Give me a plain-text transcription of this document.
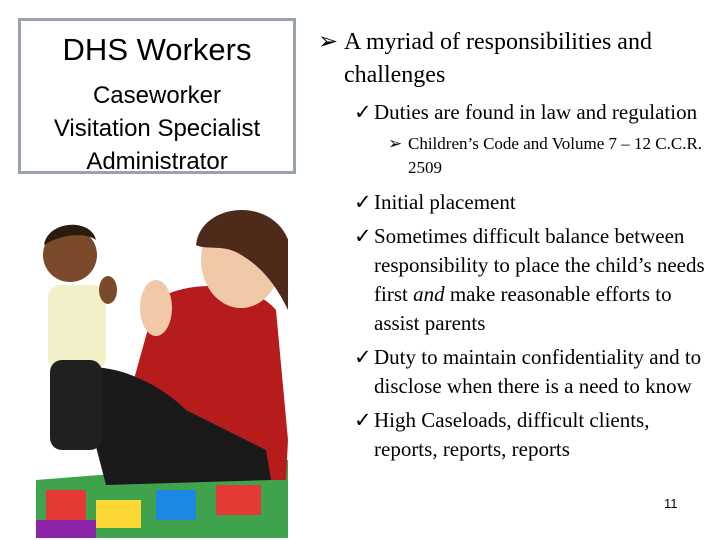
DHS Workers
Caseworker
Visitation Specialist
Administrator
➢ A myriad of responsibilities and challenges
✓ Duties are found in law and regulation
➢ Children’s Code and Volume 7 – 12 C.C.R. 2509
✓ Initial placement
✓ Sometimes difficult balance between responsibility to place the child’s needs first and make reasonable efforts to assist parents
✓ Duty to maintain confidentiality and to disclose when there is a need to know
✓ High Caseloads, difficult clients, reports, reports, reports
11
